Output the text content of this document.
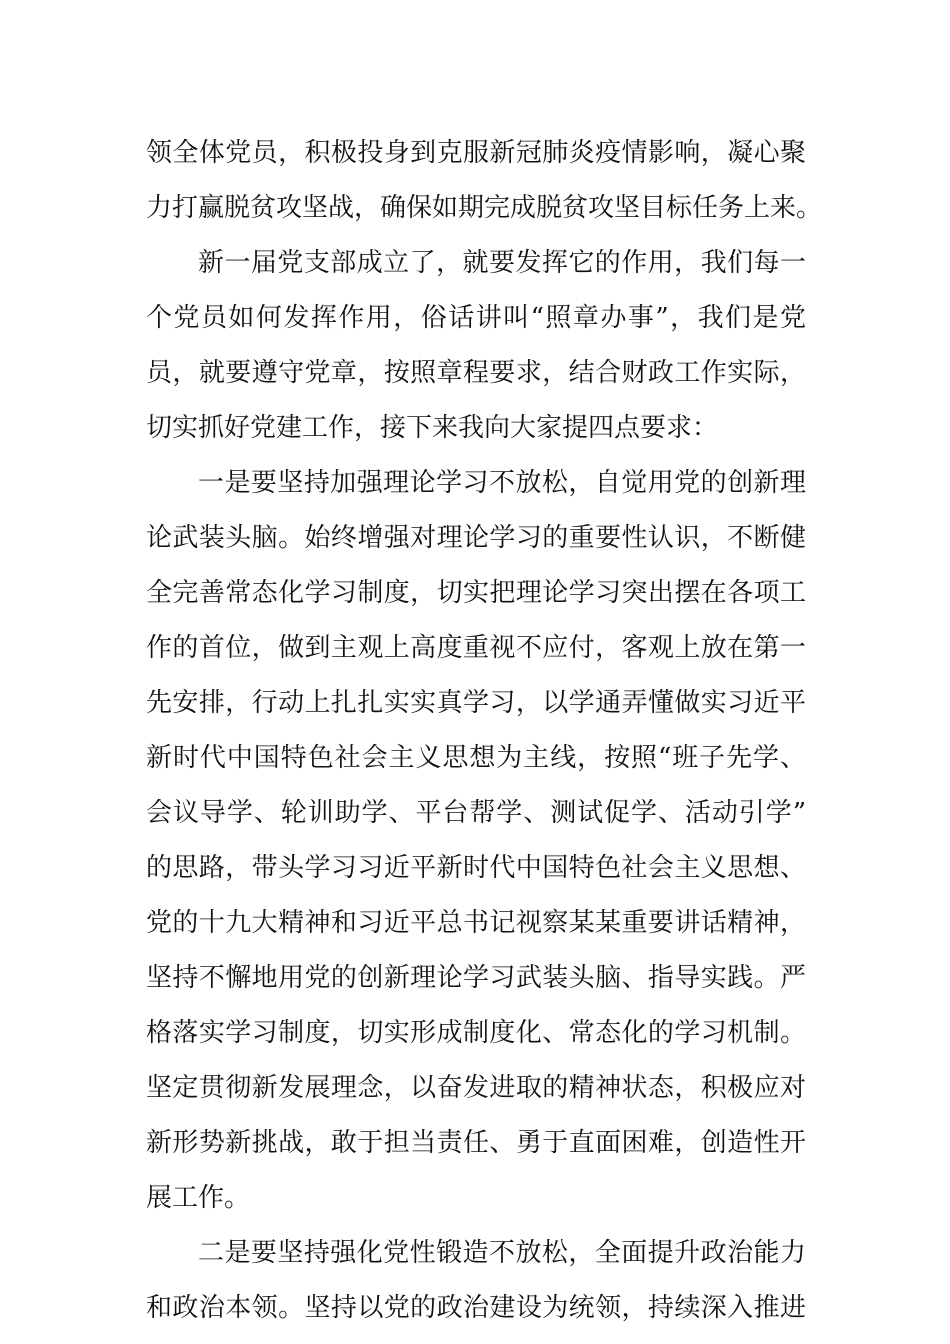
领全体党员，积极投身到克服新冠肺炎疫情影响，凝心聚
力打赢脱贫攻坚战，确保如期完成脱贫攻坚目标任务上来。
新一届党支部成立了，就要发挥它的作用，我们每一
个党员如何发挥作用，俗话讲叫“照章办事”，我们是党
员，就要遵守党章，按照章程要求，结合财政工作实际，
切实抓好党建工作，接下来我向大家提四点要求：
一是要坚持加强理论学习不放松，自觉用党的创新理
论武装头脑。始终增强对理论学习的重要性认识，不断健
全完善常态化学习制度，切实把理论学习突出摆在各项工
作的首位，做到主观上高度重视不应付，客观上放在第一
先安排，行动上扎扎实实真学习，以学通弄懂做实习近平
新时代中国特色社会主义思想为主线，按照“班子先学、
会议导学、轮训助学、平台帮学、测试促学、活动引学”
的思路，带头学习习近平新时代中国特色社会主义思想、
党的十九大精神和习近平总书记视察某某重要讲话精神，
坚持不懈地用党的创新理论学习武装头脑、指导实践。严
格落实学习制度，切实形成制度化、常态化的学习机制。
坚定贯彻新发展理念，以奋发进取的精神状态，积极应对
新形势新挑战，敢于担当责任、勇于直面困难，创造性开
展工作。
二是要坚持强化党性锻造不放松，全面提升政治能力
和政治本领。坚持以党的政治建设为统领，持续深入推进
